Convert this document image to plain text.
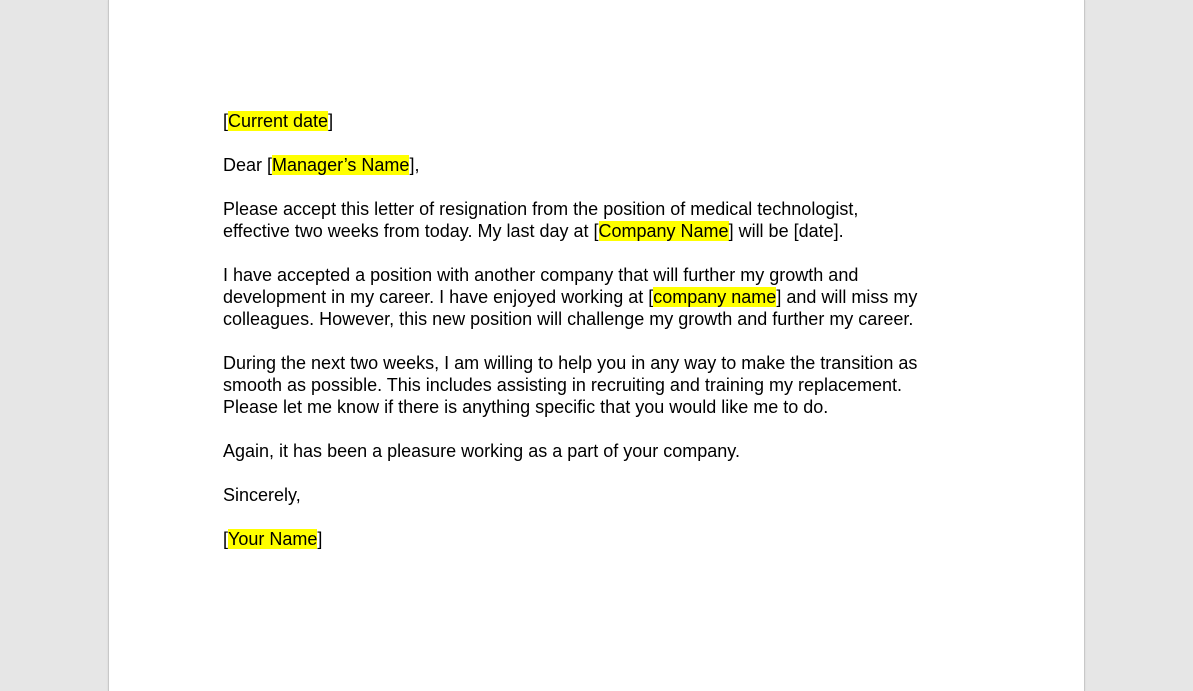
[Current date]

Dear [Manager’s Name],

Please accept this letter of resignation from the position of medical technologist,
effective two weeks from today. My last day at [Company Name] will be [date].

I have accepted a position with another company that will further my growth and
development in my career. I have enjoyed working at [company name] and will miss my
colleagues. However, this new position will challenge my growth and further my career.

During the next two weeks, I am willing to help you in any way to make the transition as
smooth as possible. This includes assisting in recruiting and training my replacement.
Please let me know if there is anything specific that you would like me to do.

Again, it has been a pleasure working as a part of your company.

Sincerely,

[Your Name]
